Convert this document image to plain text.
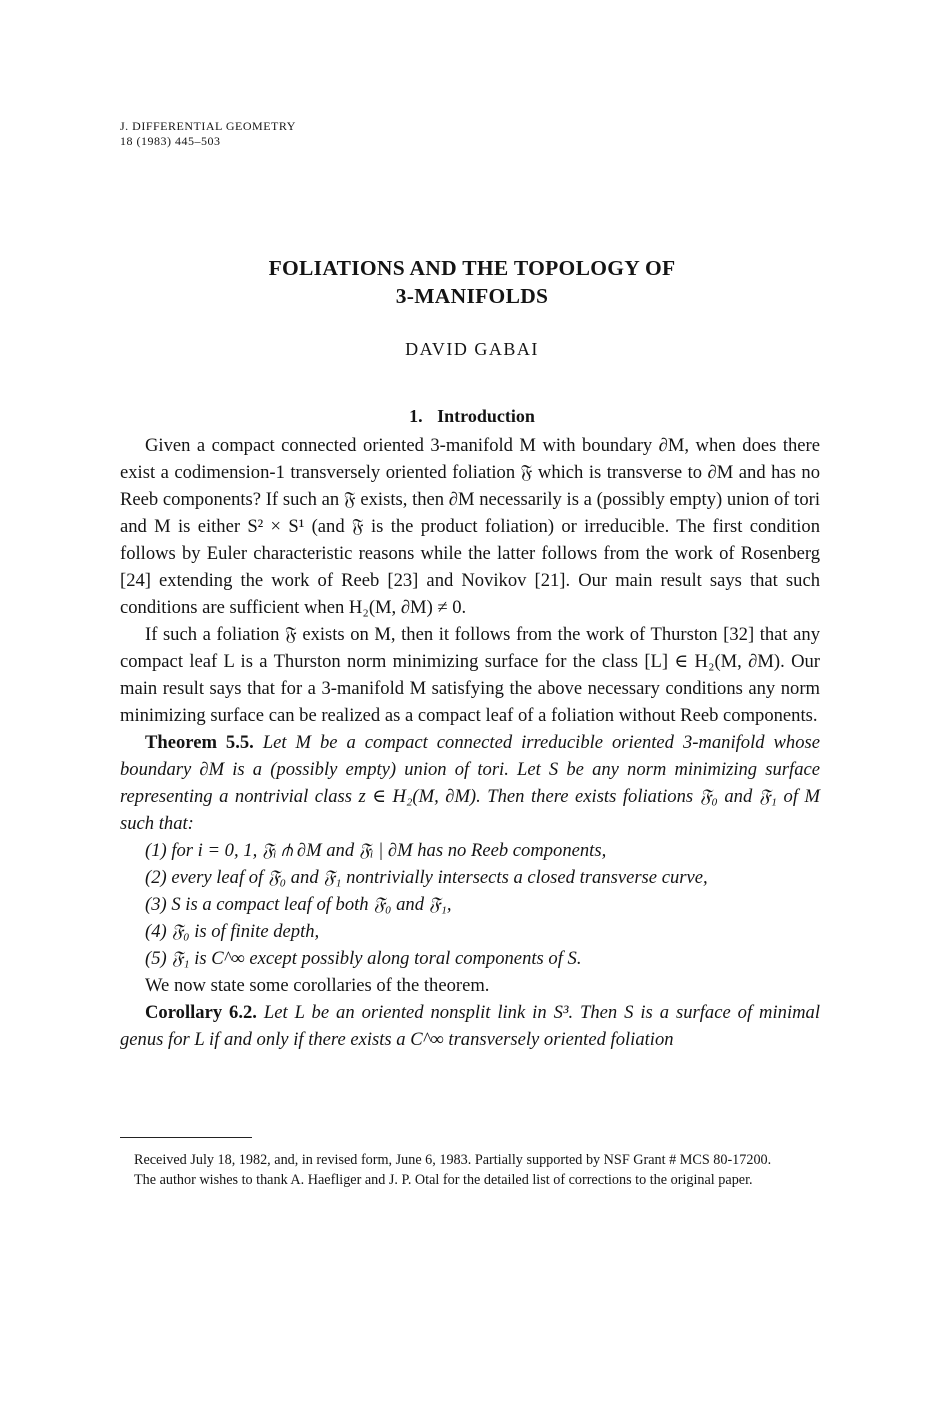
J. DIFFERENTIAL GEOMETRY
18 (1983) 445–503
FOLIATIONS AND THE TOPOLOGY OF
3-MANIFOLDS
DAVID GABAI
1. Introduction

Given a compact connected oriented 3-manifold M with boundary ∂M, when does there exist a codimension-1 transversely oriented foliation 𝔉 which is transverse to ∂M and has no Reeb components? If such an 𝔉 exists, then ∂M necessarily is a (possibly empty) union of tori and M is either S² × S¹ (and 𝔉 is the product foliation) or irreducible. The first condition follows by Euler characteristic reasons while the latter follows from the work of Rosenberg [24] extending the work of Reeb [23] and Novikov [21]. Our main result says that such conditions are sufficient when H₂(M, ∂M) ≠ 0.

If such a foliation 𝔉 exists on M, then it follows from the work of Thurston [32] that any compact leaf L is a Thurston norm minimizing surface for the class [L] ∈ H₂(M, ∂M). Our main result says that for a 3-manifold M satisfying the above necessary conditions any norm minimizing surface can be realized as a compact leaf of a foliation without Reeb components.

Theorem 5.5. Let M be a compact connected irreducible oriented 3-manifold whose boundary ∂M is a (possibly empty) union of tori. Let S be any norm minimizing surface representing a nontrivial class z ∈ H₂(M, ∂M). Then there exists foliations 𝔉₀ and 𝔉₁ of M such that:

(1) for i = 0, 1, 𝔉ᵢ ⋔ ∂M and 𝔉ᵢ | ∂M has no Reeb components,
(2) every leaf of 𝔉₀ and 𝔉₁ nontrivially intersects a closed transverse curve,
(3) S is a compact leaf of both 𝔉₀ and 𝔉₁,
(4) 𝔉₀ is of finite depth,
(5) 𝔉₁ is C^∞ except possibly along toral components of S.

We now state some corollaries of the theorem.

Corollary 6.2. Let L be an oriented nonsplit link in S³. Then S is a surface of minimal genus for L if and only if there exists a C^∞ transversely oriented foliation

Received July 18, 1982, and, in revised form, June 6, 1983. Partially supported by NSF Grant # MCS 80-17200.

The author wishes to thank A. Haefliger and J. P. Otal for the detailed list of corrections to the original paper.
